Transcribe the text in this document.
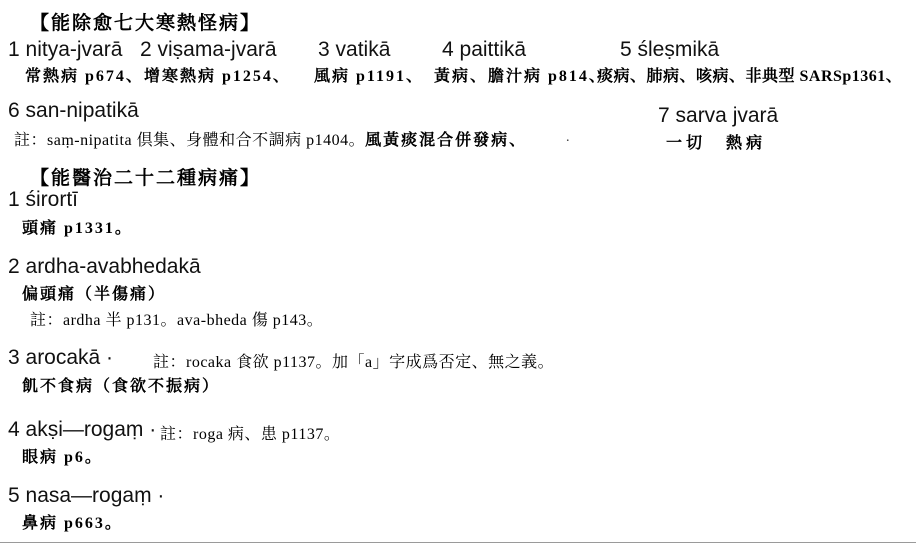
【能除愈七大寒熱怪病】
1 nitya-jvarā 2 viṣama-jvarā 3 vatikā 4 paittikā	5 śleṣmikā
常熱病 p674、 增寒熱病 p1254、 風病 p1191、 黃病、膽汁病 p814、
痰病、肺病、咳病、非典型 SARSp1361、
6 san-nipatikā
註：saṃ-nipatita 倶集、身體和合不調病 p1404。風黃痰混合併發病、	.
7 sarva jvarā
一切　熱病
【能醫治二十二種病痛】
1 śirortī
頭痛 p1331。
2 ardha-avabhedakā
偏頭痛（半傷痛）
註：ardha 半 p131。ava-bheda 傷 p143。
3 arocakā · 註：rocaka 食欲 p1137。加「a」字成爲否定、無之義。
飢不食病（食欲不振病）
4 akṣi—rogaṃ · 註：roga 病、患 p1137。
眼病 p6。
5 nasa—rogaṃ ·
鼻病 p663。
